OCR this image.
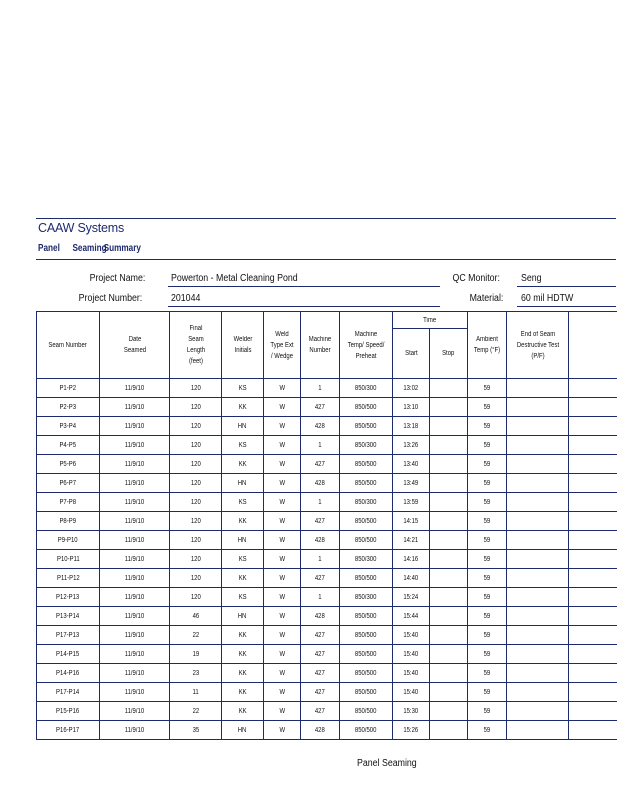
CAAW Systems
Panel SeamingSummary
Project Name:	Powerton - Metal Cleaning Pond
Project Number:	201044
QC Monitor: Seng
Material: 60 mil HDTW
Seam Number	Date Seamed	Final Seam Length (feet)	Welder Initials	Weld Type Ext / Wedge	Machine Number	Machine Temp/ Speed/ Preheat	Time		Ambient Temp (°F)	End of Seam Destructive Test (P/F)	
							Start	Stop			
P1-P2	11/9/10	120	KS	W	1	850/300	13:02		59		
P2-P3	11/9/10	120	KK	W	427	850/500	13:10		59		
P3-P4	11/9/10	120	HN	W	428	850/500	13:18		59		
P4-P5	11/9/10	120	KS	W	1	850/300	13:26		59		
P5-P6	11/9/10	120	KK	W	427	850/500	13:40		59		
P6-P7	11/9/10	120	HN	W	428	850/500	13:49		59		
P7-P8	11/9/10	120	KS	W	1	850/300	13:59		59		
P8-P9	11/9/10	120	KK	W	427	850/500	14:15		59		
P9-P10	11/9/10	120	HN	W	428	850/500	14:21		59		
P10-P11	11/9/10	120	KS	W	1	850/300	14:16		59		
P11-P12	11/9/10	120	KK	W	427	850/500	14:40		59		
P12-P13	11/9/10	120	KS	W	1	850/300	15:24		59		
P13-P14	11/9/10	46	HN	W	428	850/500	15:44		59		
P17-P13	11/9/10	22	KK	W	427	850/500	15:40		59		
P14-P15	11/9/10	19	KK	W	427	850/500	15:40		59		
P14-P16	11/9/10	23	KK	W	427	850/500	15:40		59		
P17-P14	11/9/10	11	KK	W	427	850/500	15:40		59		
P15-P16	11/9/10	22	KK	W	427	850/500	15:30		59		
P16-P17	11/9/10	35	HN	W	428	850/500	15:26		59		
Panel Seaming
